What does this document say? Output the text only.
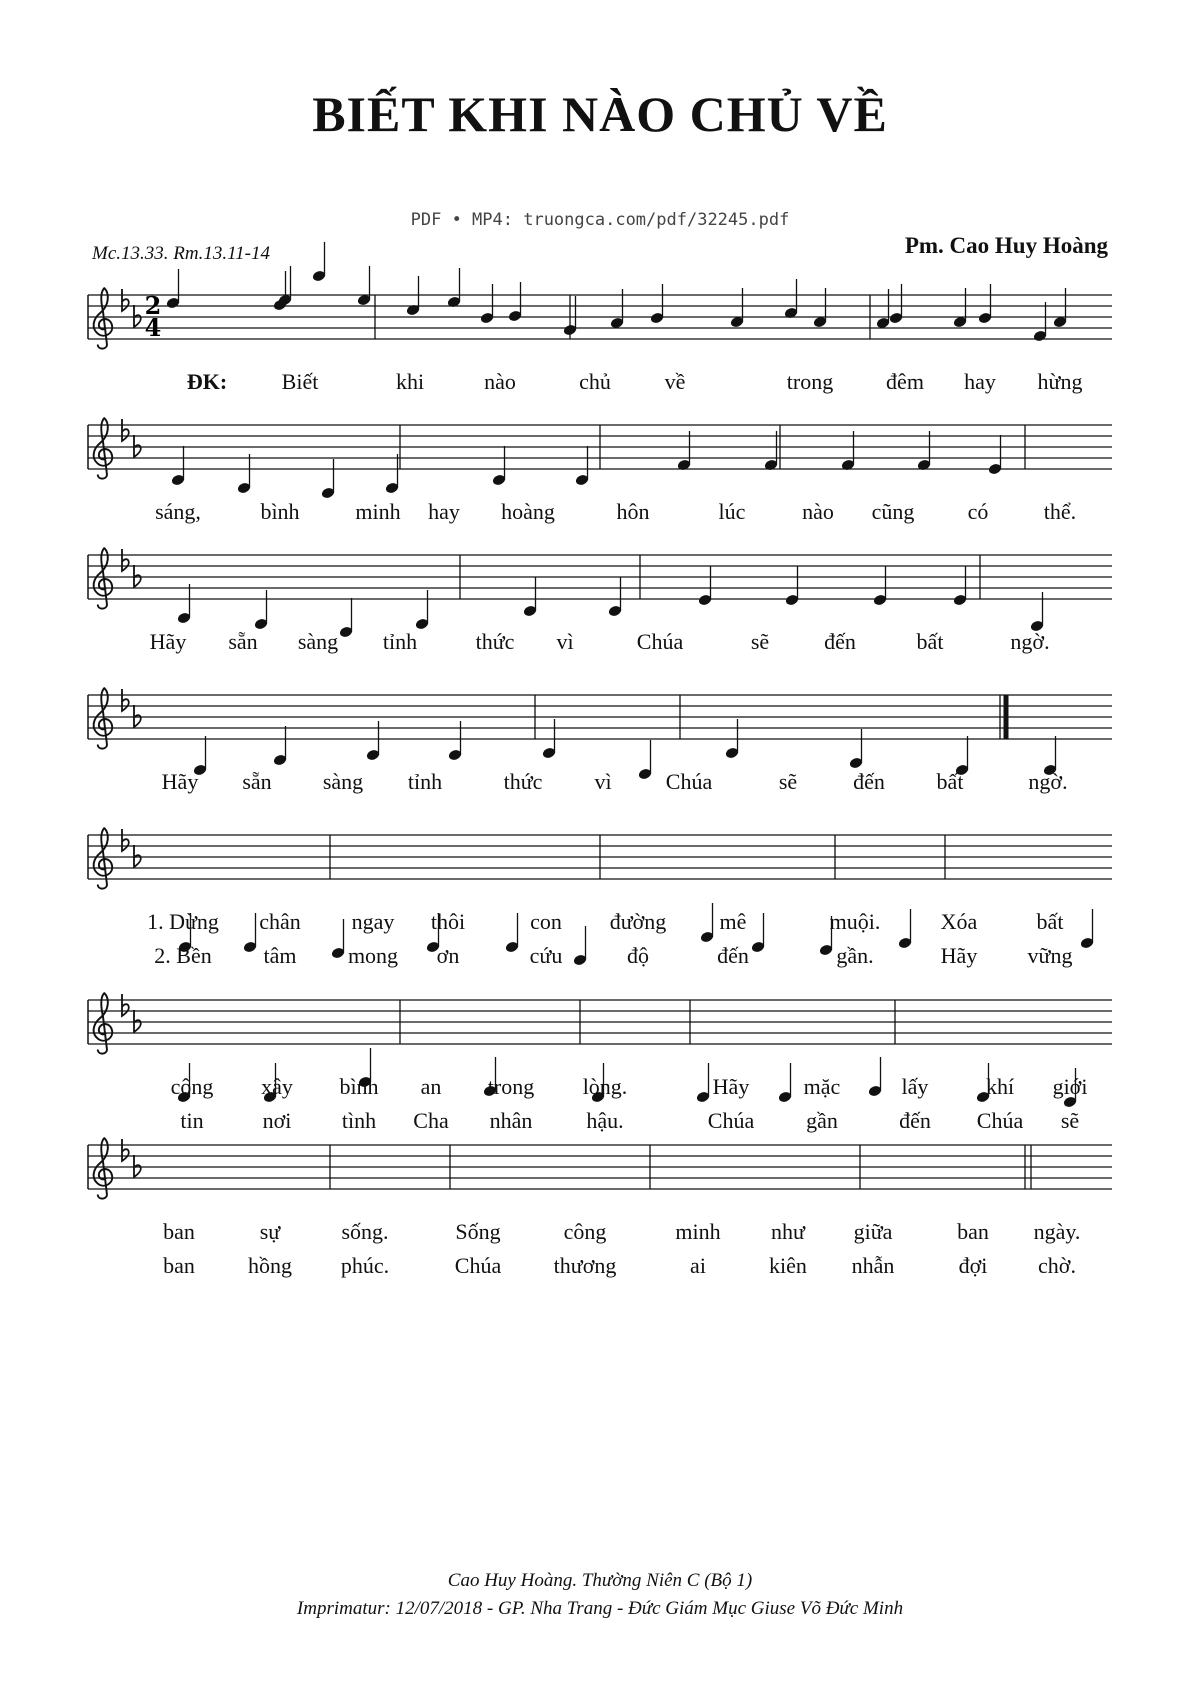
BIẾT KHI NÀO CHỦ VỀ
PDF • MP4: truongca.com/pdf/32245.pdf
Mc.13.33. Rm.13.11-14	Pm. Cao Huy Hoàng
2
4
ĐK: Biết	khi	nào	chủ về	trong đêm hay hừng
sáng,	bình	minh hay hoàng	hôn	lúc	nào cũng có	thể.
Hãy sẵn sàng tỉnh	thức vì	Chúa	sẽ đến	bất	ngờ.
Hãy sẵn sàng tỉnh	thức vì Chúa	sẽ	đến bất	ngờ.
1. Dừng chân ngay thôi	con đường mê	muội.	Xóa	bất
2. Bền tâm mong ơn	cứu	độ	đến	gần.	Hãy vững
công xây bình an trong lòng.	Hãy mặc	lấy	khí giới
tin	nơi tình Cha nhân hậu.	Chúa gần	đến Chúa sẽ
ban	sự	sống.	Sống	công	minh như giữa	ban ngày.
ban hồng phúc.	Chúa thương	ai	kiên nhẫn	đợi chờ.
Cao Huy Hoàng. Thường Niên C (Bộ 1)
Imprimatur: 12/07/2018 - GP. Nha Trang - Đức Giám Mục Giuse Võ Đức Minh
